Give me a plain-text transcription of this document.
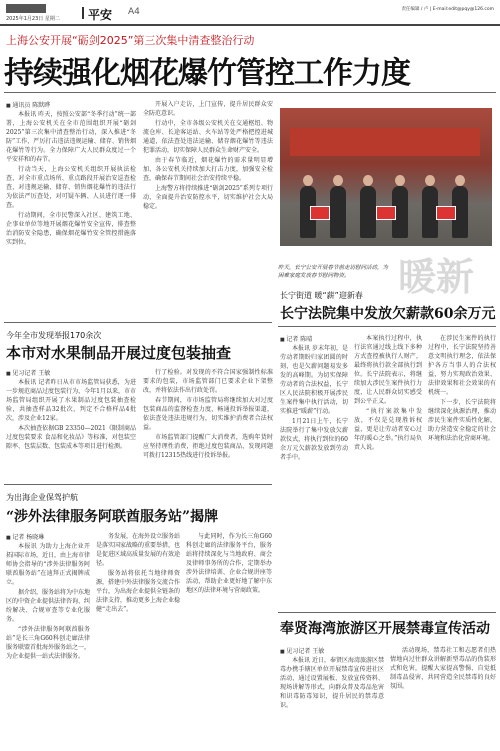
2025年1月23日 星期二 平安 A4	责任编辑 / 卢 | E-mail:edit@pqy@126.com
上海公安开展“砺剑2025”第三次集中清查整治行动
持续强化烟花爆竹管控工作力度
■ 通讯员 陈默晔

本报讯 昨天，按照公安部“冬季行动”统一部署，上海公安机关在全市范围组织开展“砺剑2025”第三次集中清查整治行动，深入推进“冬防”工作，严厉打击违法违规运输、储存、销售烟花爆竹等行为。全力保障广大人民群众度过一个平安祥和的春节。

行动当天，上海公安机关组织开展执法检查，对全市重点场所、重点路段开展治安巡查检查，对违规运输、储存、销售烟花爆竹的违法行为依法严厉查处，对可疑车辆、人员进行逐一排查。

行动期间，全市民警深入社区、建筑工地、企事业单位等地开展烟花爆竹安全宣传，排查整治消防安全隐患，确保烟花爆竹安全管控措施落实到位。

开展入户走访，上门宣传，提升居民群众安全防范意识。

行动中，全市各级公安机关在交通枢纽、物流仓库、长途客运站、火车站等处严格把控进城通道，依法查处违法运输、储存烟花爆竹等违法犯罪活动，切实保障人民群众生命财产安全。

由于春节临近，烟花爆竹的需求量明显增加，各公安机关持续加大打击力度，加强安全检查，确保春节期间社会治安持续平稳。

上海警方将持续推进“砺剑2025”系列专项行动，全面提升治安防控水平，切实维护社会大局稳定。

昨天，长宁公安开展春节前走访慰问活动，为困难家庭发放春节慰问物资。	暖新
今年全市发现举报170余次
本市对水果制品开展过度包装抽查
■ 见习记者 王敏

本报讯 记者昨日从市市场监管局获悉，为进一步规范商品过度包装行为，今年1月以来，市市场监管局组织开展了水果制品过度包装抽查检验，共抽查样品32批次，判定不合格样品4批次，涉及企业12家。

本次抽查依据GB 23350—2021《限制商品过度包装要求 食品和化妆品》等标准，对包装空隙率、包装层数、包装成本等项目进行检测。

行了检验。对发现的不符合国家强制性标准要求的包装，市场监管部门已要求企业下架整改，并将依法作出行政处罚。

春节期间，市市场监管局将继续加大对过度包装商品的监督检查力度，畅通投诉举报渠道，依法查处违法违规行为，切实维护消费者合法权益。

市场监管部门提醒广大消费者，选购年货时应坚持理性消费，拒绝过度包装商品，发现问题可拨打12315热线进行投诉举报。

为出海企业保驾护航
“涉外法律服务阿联酋服务站”揭牌
■ 记者 杨晓琳

本报讯 为助力上海企业开拓国际市场，近日，由上海市律师协会指导的“涉外法律服务阿联酋服务站”在迪拜正式揭牌成立。

据介绍，服务站将为中东地区的中资企业提供法律咨询、纠纷解决、合规审查等专业化服务。

“涉外法律服务阿联酋服务站”是长三角G60科创走廊法律服务联盟首批海外服务站之一，为企业提供一站式法律服务。

务发展，在海外设立服务站是落实国家战略的重要举措，也是促进区域高质量发展的有效途径。

服务站将依托当地律师资源，搭建中外法律服务交流合作平台，为出海企业提供全链条的法律支持，推动更多上海企业稳健“走出去”。

与此同时，作为长三角G60科创走廊的法律服务平台，服务站将持续深化与当地政府、商会及律师事务所的合作，定期举办涉外法律培训、企业合规讲座等活动，帮助企业更好地了解中东地区的法律环境与营商政策。

长宁街道 暖“薪”迎新春
长宁法院集中发放欠薪款60余万元
■ 记者 陈晴

本报讯 岁末年初，是劳动者期盼归家团圆的时刻，也是欠薪问题易发多发的高峰期。为切实保障劳动者的合法权益，长宁区人民法院积极开展涉民生案件集中执行活动，切实推进“暖薪”行动。

1月21日上午，长宁法院举行了集中发放欠薪款仪式，将执行到位的60余万元欠薪款发放到劳动者手中。

本案执行过程中，执行法官通过线上线下多种方式查控被执行人财产，最终将执行款全部执行到位。长宁法院表示，将继续加大涉民生案件执行力度，让人民群众切实感受到公平正义。

“执行案款集中发放，不仅是兑现胜诉权益，更是让劳动者安心过年的暖心之举。”执行局负责人说。

在涉民生案件的执行过程中，长宁法院坚持善意文明执行理念，依法保护各方当事人的合法权益，努力实现政治效果、法律效果和社会效果的有机统一。

下一步，长宁法院将继续深化执源治理，推动涉民生案件实质性化解，助力营造安全稳定的社会环境和法治化营商环境。

奉贤海湾旅游区开展禁毒宣传活动
■ 见习记者 王敏

本报讯 近日，奉贤区海湾旅游区禁毒办携手辖区单位开展禁毒宣传进社区活动，通过设置展板、发放宣传资料、现场讲解等形式，向群众普及毒品危害和识毒防毒知识，提升居民的禁毒意识。

活动现场，禁毒社工和志愿者们热情地向过往群众讲解新型毒品的伪装形式和危害，提醒大家提高警惕、自觉抵制毒品侵害，共同营造全民禁毒的良好氛围。
